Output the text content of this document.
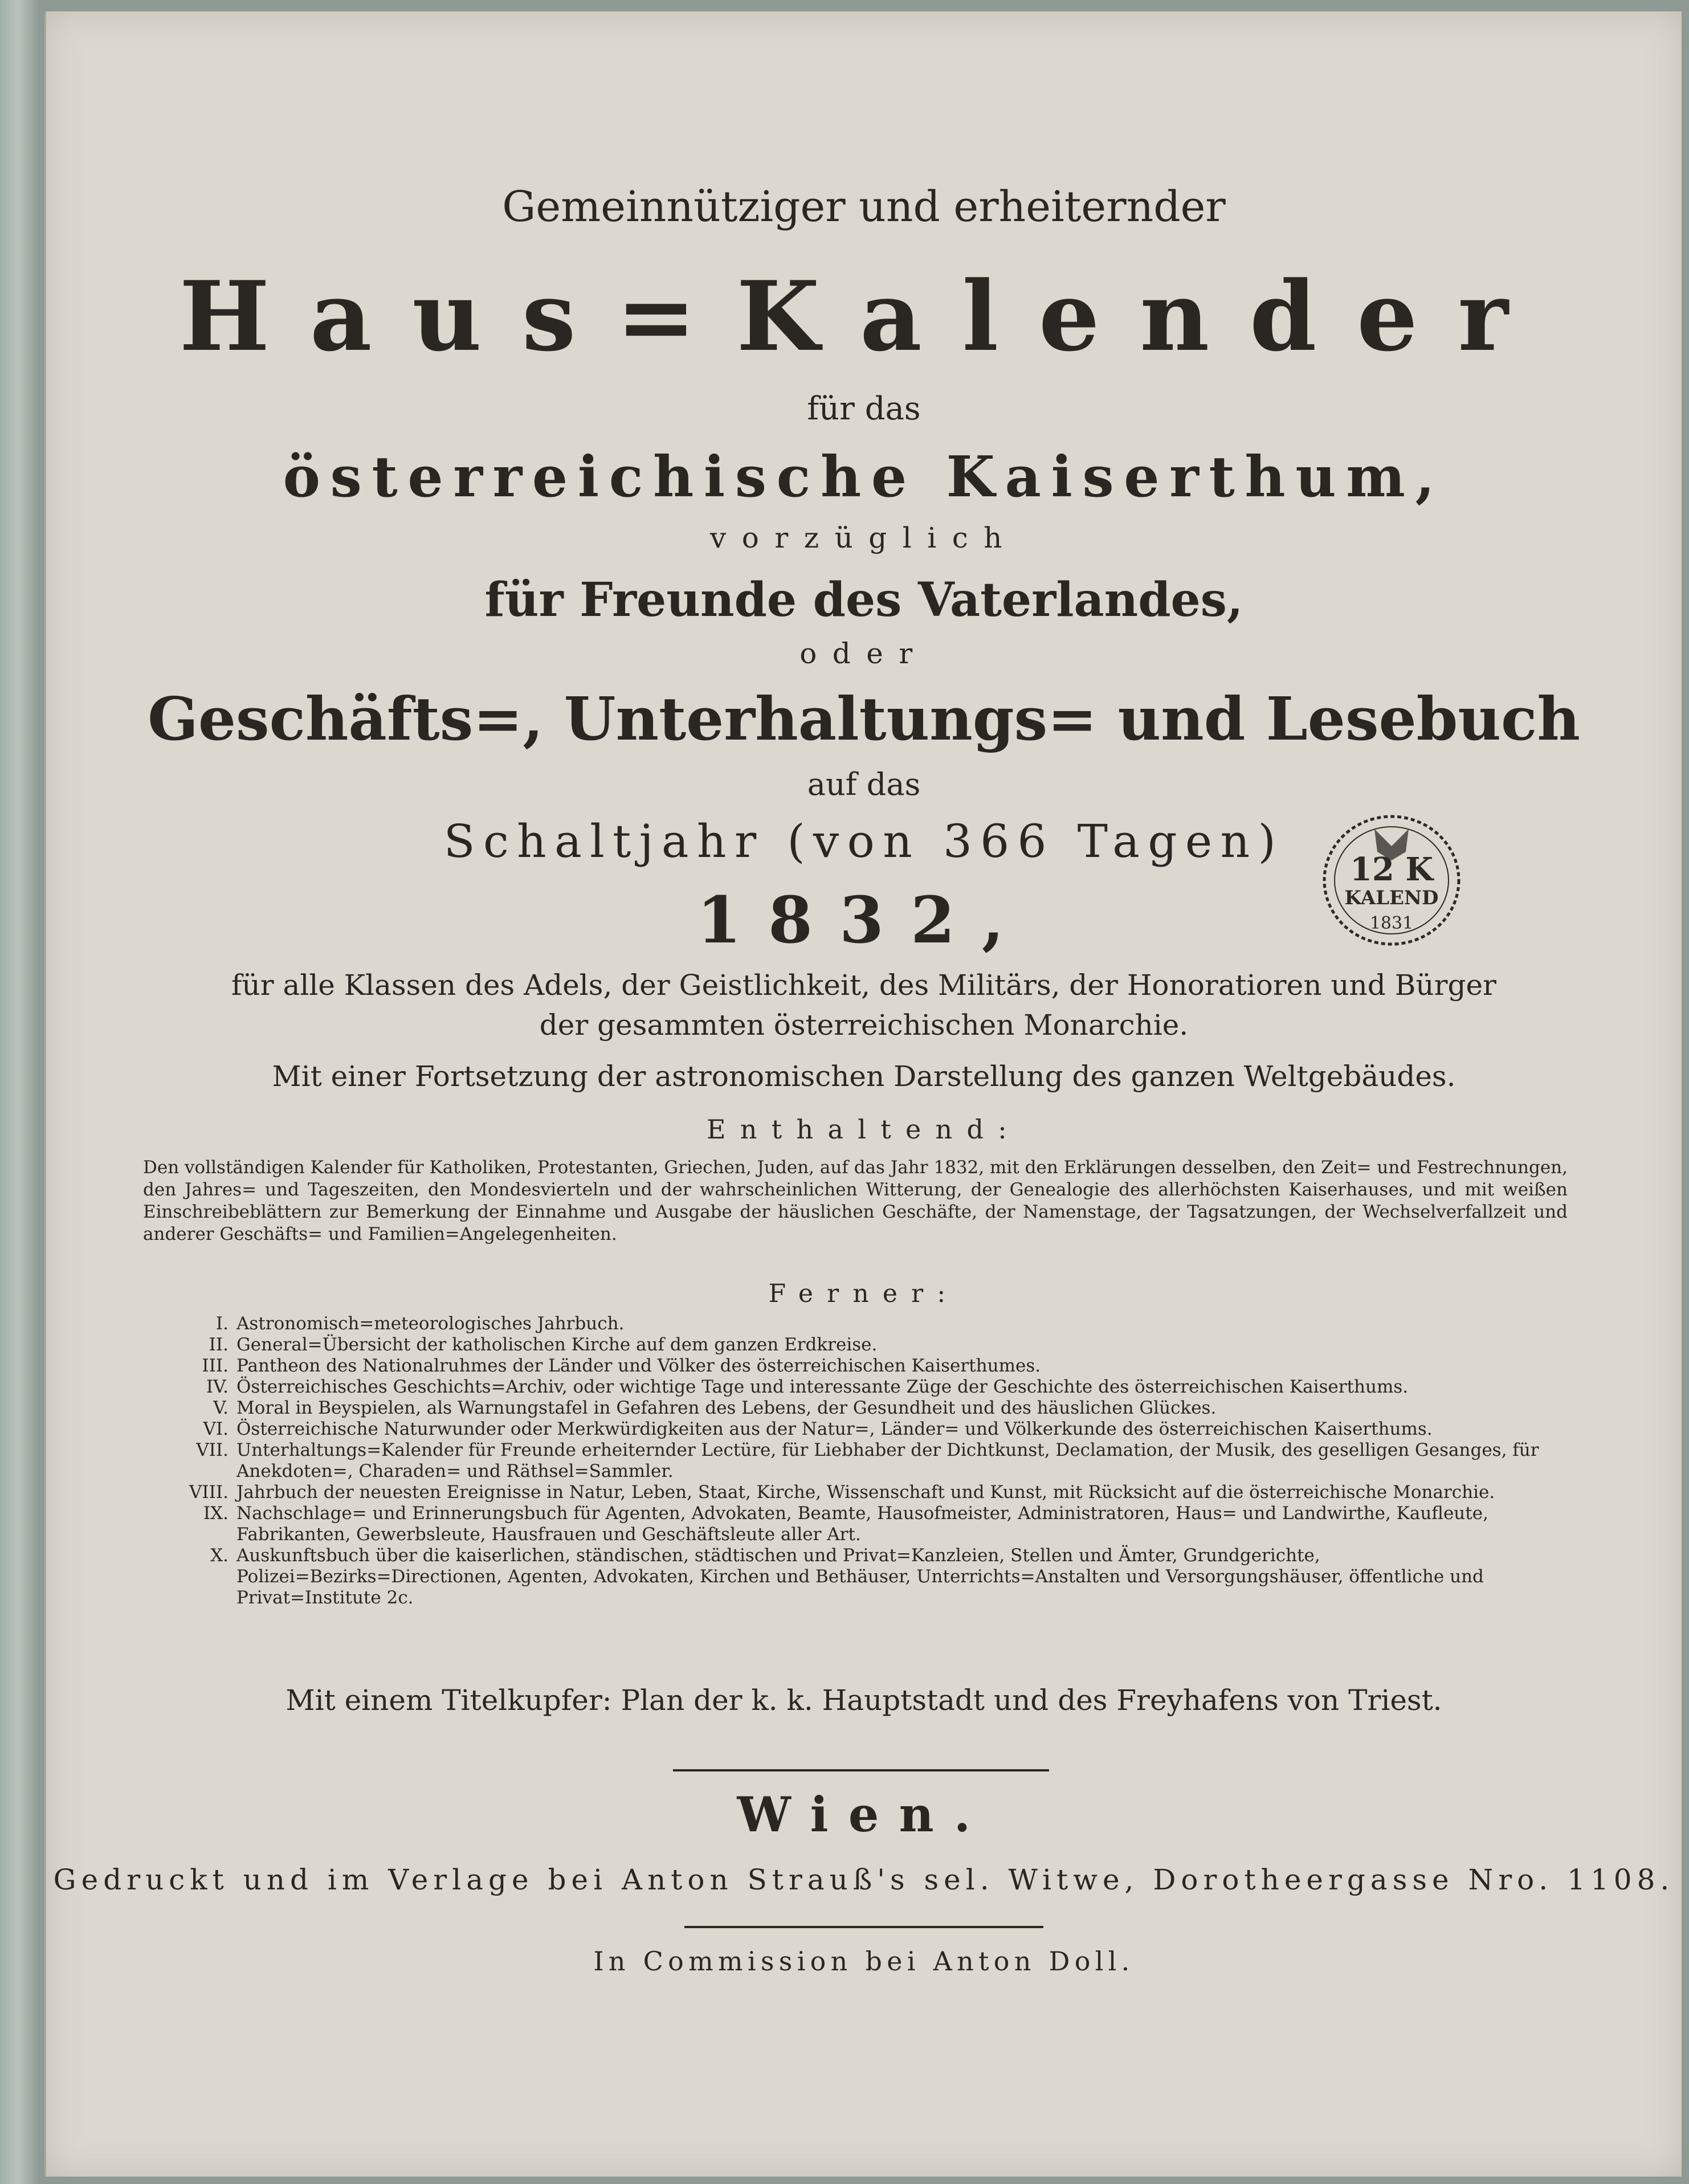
Gemeinnütziger und erheiternder
Haus=Kalender
für das
österreichische Kaiserthum,
vorzüglich
für Freunde des Vaterlandes,
oder
Geschäfts=, Unterhaltungs= und Lesebuch
auf das
Schaltjahr (von 366 Tagen)
1832,
für alle Klassen des Adels, der Geistlichkeit, des Militärs, der Honoratioren und Bürger
der gesammten österreichischen Monarchie.
Mit einer Fortsetzung der astronomischen Darstellung des ganzen Weltgebäudes.
Enthaltend:
Den vollständigen Kalender für Katholiken, Protestanten, Griechen, Juden, auf das Jahr 1832, mit den Erklärungen desselben, den Zeit= und Festrechnungen, den Jahres= und Tageszeiten, den Mondesvierteln und der wahrscheinlichen Witterung, der Genealogie des allerhöchsten Kaiserhauses, und mit weißen Einschreibeblättern zur Bemerkung der Einnahme und Ausgabe der häuslichen Geschäfte, der Namenstage, der Tagsatzungen, der Wechselverfallzeit und anderer Geschäfts= und Familien=Angelegenheiten.
Ferner:
I. Astronomisch=meteorologisches Jahrbuch.
II. General=Übersicht der katholischen Kirche auf dem ganzen Erdkreise.
III. Pantheon des Nationalruhmes der Länder und Völker des österreichischen Kaiserthumes.
IV. Österreichisches Geschichts=Archiv, oder wichtige Tage und interessante Züge der Geschichte des österreichischen Kaiserthums.
V. Moral in Beyspielen, als Warnungstafel in Gefahren des Lebens, der Gesundheit und des häuslichen Glückes.
VI. Österreichische Naturwunder oder Merkwürdigkeiten aus der Natur=, Länder= und Völkerkunde des österreichischen Kaiserthums.
VII. Unterhaltungs=Kalender für Freunde erheiternder Lectüre, für Liebhaber der Dichtkunst, Declamation, der Musik, des geselligen Gesanges, für Anekdoten=, Charaden= und Räthsel=Sammler.
VIII. Jahrbuch der neuesten Ereignisse in Natur, Leben, Staat, Kirche, Wissenschaft und Kunst, mit Rücksicht auf die österreichische Monarchie.
IX. Nachschlage= und Erinnerungsbuch für Agenten, Advokaten, Beamte, Hausofmeister, Administratoren, Haus= und Landwirthe, Kaufleute, Fabrikanten, Gewerbsleute, Hausfrauen und Geschäftsleute aller Art.
X. Auskunftsbuch über die kaiserlichen, ständischen, städtischen und Privat=Kanzleien, Stellen und Ämter, Grundgerichte, Polizei=Bezirks=Directionen, Agenten, Advokaten, Kirchen und Bethäuser, Unterrichts=Anstalten und Versorgungshäuser, öffentliche und Privat=Institute 2c.
Mit einem Titelkupfer: Plan der k. k. Hauptstadt und des Freyhafens von Triest.
Wien.
Gedruckt und im Verlage bei Anton Strauß's sel. Witwe, Dorotheergasse Nro. 1108.
In Commission bei Anton Doll.
12 K
KALEND
1831
